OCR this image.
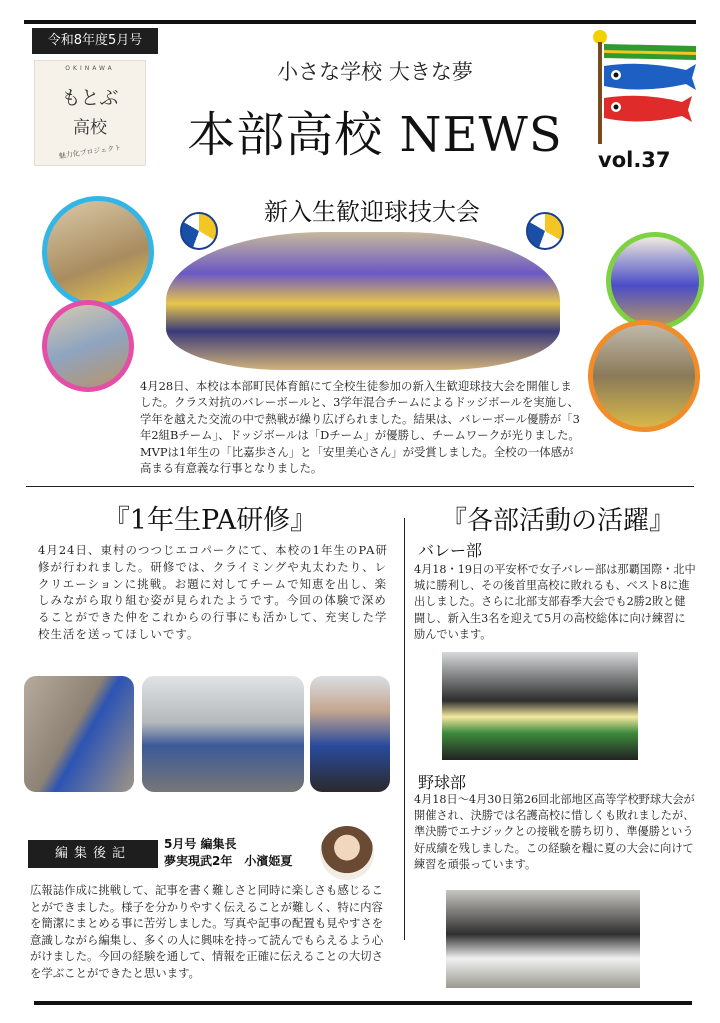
令和8年度5月号
OKINAWA
もとぶ
高校
魅力化プロジェクト
小さな学校 大きな夢
本部高校 NEWS	vol.37
新入生歓迎球技大会
4月28日、本校は本部町民体育館にて全校生徒参加の新入生歓迎球技大会を開催しました。クラス対抗のバレーボールと、3学年混合チームによるドッジボールを実施し、学年を越えた交流の中で熱戦が繰り広げられました。結果は、バレーボール優勝が「3年2組Bチーム」、ドッジボールは「Dチーム」が優勝し、チームワークが光りました。MVPは1年生の「比嘉歩さん」と「安里美心さん」が受賞しました。全校の一体感が高まる有意義な行事となりました。
『1年生PA研修』
4月24日、東村のつつじエコパークにて、本校の1年生のPA研修が行われました。研修では、クライミングや丸太わたり、レクリエーションに挑戦。お題に対してチームで知恵を出し、楽しみながら取り組む姿が見られたようです。今回の体験で深めることができた仲をこれからの行事にも活かして、充実した学校生活を送ってほしいです。
編集後記
5月号 編集長
夢実現武2年　小濱姫夏
広報誌作成に挑戦して、記事を書く難しさと同時に楽しさも感じることができました。様子を分かりやすく伝えることが難しく、特に内容を簡潔にまとめる事に苦労しました。写真や記事の配置も見やすさを意識しながら編集し、多くの人に興味を持って読んでもらえるよう心がけました。今回の経験を通して、情報を正確に伝えることの大切さを学ぶことができたと思います。
『各部活動の活躍』
バレー部
4月18・19日の平安杯で女子バレー部は那覇国際・北中城に勝利し、その後首里高校に敗れるも、ベスト8に進出しました。さらに北部支部春季大会でも2勝2敗と健闘し、新入生3名を迎えて5月の高校総体に向け練習に励んでいます。
野球部
4月18日～4月30日第26回北部地区高等学校野球大会が開催され、決勝では名護高校に惜しくも敗れましたが、準決勝でエナジックとの接戦を勝ち切り、準優勝という好成績を残しました。この経験を糧に夏の大会に向けて練習を頑張っています。
